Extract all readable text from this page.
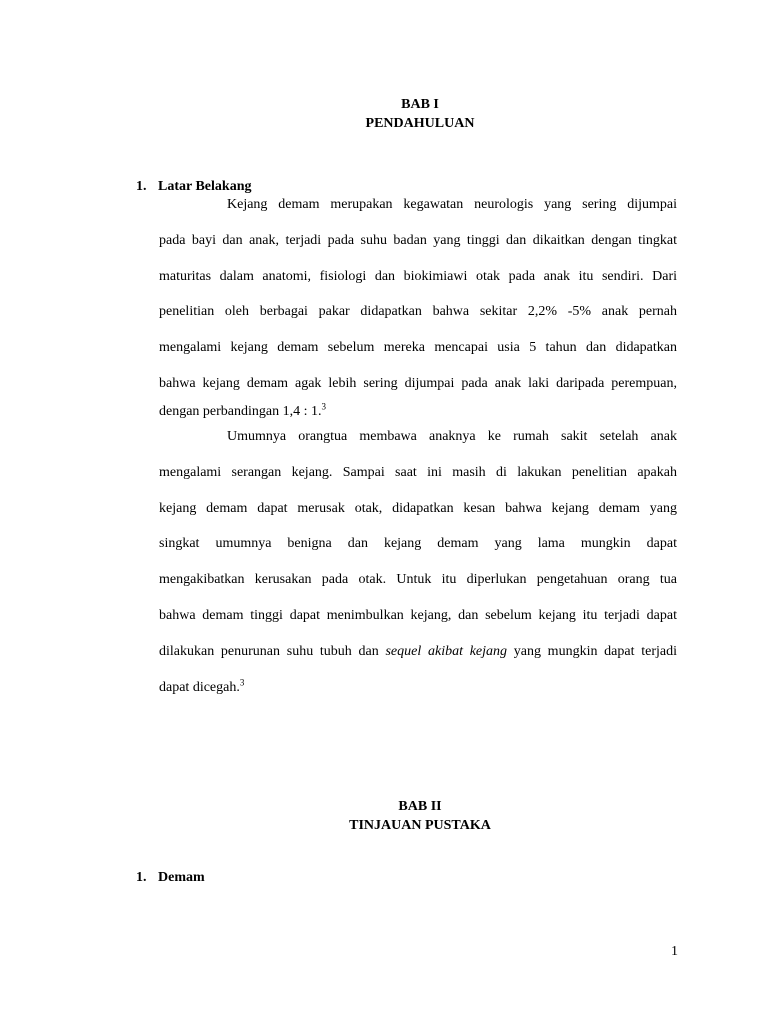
BAB I
PENDAHULUAN
1. Latar Belakang
Kejang demam merupakan kegawatan neurologis yang sering dijumpai
pada bayi dan anak, terjadi pada suhu badan yang tinggi dan dikaitkan dengan tingkat
maturitas dalam anatomi, fisiologi dan biokimiawi otak pada anak itu sendiri. Dari
penelitian oleh berbagai pakar didapatkan bahwa sekitar 2,2% -5% anak pernah
mengalami kejang demam sebelum mereka mencapai usia 5 tahun dan didapatkan
bahwa kejang demam agak lebih sering dijumpai pada anak laki daripada perempuan,
dengan perbandingan 1,4 : 1.$^3$
Umumnya orangtua membawa anaknya ke rumah sakit setelah anak
mengalami serangan kejang. Sampai saat ini masih di lakukan penelitian apakah
kejang demam dapat merusak otak, didapatkan kesan bahwa kejang demam yang
singkat umumnya benigna dan kejang demam yang lama mungkin dapat
mengakibatkan kerusakan pada otak. Untuk itu diperlukan pengetahuan orang tua
bahwa demam tinggi dapat menimbulkan kejang, dan sebelum kejang itu terjadi dapat
dilakukan penurunan suhu tubuh dan sequel akibat kejang yang mungkin dapat terjadi
dapat dicegah.$^3$
BAB II
TINJAUAN PUSTAKA
1. Demam
1
